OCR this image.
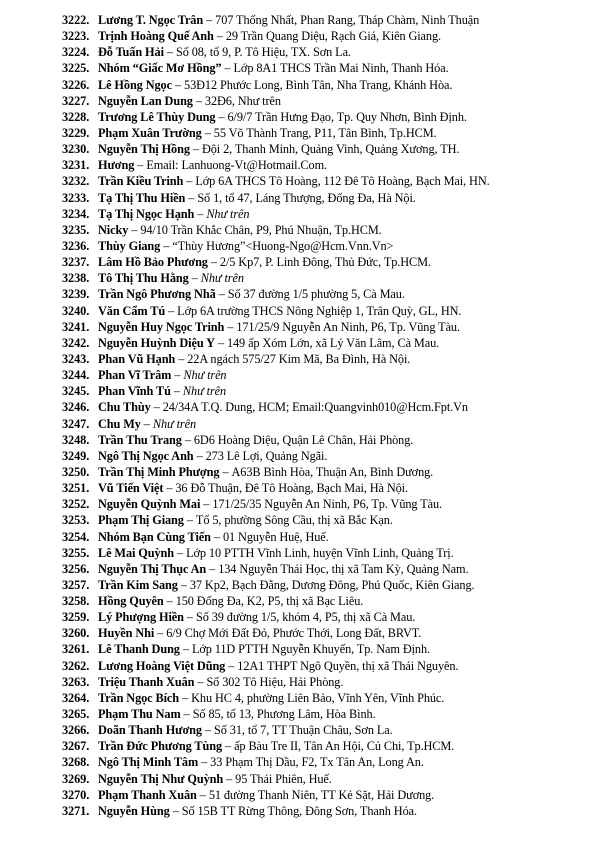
3222. Lương T. Ngọc Trân – 707 Thống Nhất, Phan Rang, Tháp Chàm, Ninh Thuận
3223. Trịnh Hoàng Quế Anh – 29 Trần Quang Diệu, Rạch Giá, Kiên Giang.
3224. Đỗ Tuấn Hải – Số 08, tổ 9, P. Tô Hiệu, TX. Sơn La.
3225. Nhóm “Giấc Mơ Hồng” – Lớp 8A1 THCS Trần Mai Ninh, Thanh Hóa.
3226. Lê Hồng Ngọc – 53Đ12 Phước Long, Bình Tân, Nha Trang, Khánh Hòa.
3227. Nguyễn Lan Dung – 32Đ6, Như trên
3228. Trương Lê Thùy Dung – 6/9/7 Trần Hưng Đạo, Tp. Quy Nhơn, Bình Định.
3229. Phạm Xuân Trường – 55 Võ Thành Trang, P11, Tân Bình, Tp.HCM.
3230. Nguyễn Thị Hồng – Đội 2, Thanh Minh, Quảng Vinh, Quảng Xương, TH.
3231. Hương – Email: Lanhuong-Vt@Hotmail.Com.
3232. Trần Kiều Trinh – Lớp 6A THCS Tô Hoàng, 112 Đê Tô Hoàng, Bạch Mai, HN.
3233. Tạ Thị Thu Hiền – Số 1, tổ 47, Láng Thượng, Đống Đa, Hà Nội.
3234. Tạ Thị Ngọc Hạnh – Như trên
3235. Nicky – 94/10 Trần Khắc Chân, P9, Phú Nhuận, Tp.HCM.
3236. Thùy Giang – “Thùy Hương”<Huong-Ngo@Hcm.Vnn.Vn>
3237. Lâm Hồ Bảo Phương – 2/5 Kp7, P. Linh Đông, Thủ Đức, Tp.HCM.
3238. Tô Thị Thu Hằng – Như trên
3239. Trần Ngô Phương Nhã – Số 37 đường 1/5 phường 5, Cà Mau.
3240. Văn Cẩm Tú – Lớp 6A trường THCS Nông Nghiệp 1, Trân Quỳ, GL, HN.
3241. Nguyễn Huy Ngọc Trinh – 171/25/9 Nguyễn An Ninh, P6, Tp. Vũng Tàu.
3242. Nguyễn Huỳnh Diệu Y – 149 ấp Xóm Lớn, xã Lý Văn Lâm, Cà Mau.
3243. Phan Vũ Hạnh – 22A ngách 575/27 Kim Mã, Ba Đình, Hà Nội.
3244. Phan Vĩ Trâm – Như trên
3245. Phan Vĩnh Tú – Như trên
3246. Chu Thùy – 24/34A T.Q. Dung, HCM; Email:Quangvinh010@Hcm.Fpt.Vn
3247. Chu My – Như trên
3248. Trần Thu Trang – 6D6 Hoàng Diệu, Quận Lê Chân, Hải Phòng.
3249. Ngô Thị Ngọc Anh – 273 Lê Lợi, Quảng Ngãi.
3250. Trần Thị Minh Phượng – A63B Bình Hòa, Thuận An, Bình Dương.
3251. Vũ Tiến Việt – 36 Đỗ Thuận, Đê Tô Hoàng, Bạch Mai, Hà Nội.
3252. Nguyễn Quỳnh Mai – 171/25/35 Nguyễn An Ninh, P6, Tp. Vũng Tàu.
3253. Phạm Thị Giang – Tổ 5, phường Sông Cầu, thị xã Bắc Kạn.
3254. Nhóm Bạn Cùng Tiến – 01 Nguyễn Huệ, Huế.
3255. Lê Mai Quỳnh – Lớp 10 PTTH Vĩnh Linh, huyện Vĩnh Linh, Quảng Trị.
3256. Nguyễn Thị Thục An – 134 Nguyễn Thái Học, thị xã Tam Kỳ, Quảng Nam.
3257. Trần Kim Sang – 37 Kp2, Bạch Đằng, Dương Đông, Phú Quốc, Kiên Giang.
3258. Hồng Quyên – 150 Đống Đa, K2, P5, thị xã Bạc Liêu.
3259. Lý Phượng Hiền – Số 39 đường 1/5, khóm 4, P5, thị xã Cà Mau.
3260. Huyền Nhi – 6/9 Chợ Mới Đất Đỏ, Phước Thới, Long Đất, BRVT.
3261. Lê Thanh Dung – Lớp 11D PTTH Nguyễn Khuyến, Tp. Nam Định.
3262. Lương Hoàng Việt Dũng – 12A1 THPT Ngô Quyền, thị xã Thái Nguyên.
3263. Triệu Thanh Xuân – Số 302 Tô Hiệu, Hải Phòng.
3264. Trần Ngọc Bích – Khu HC 4, phường Liên Bảo, Vĩnh Yên, Vĩnh Phúc.
3265. Phạm Thu Nam – Số 85, tổ 13, Phương Lâm, Hòa Bình.
3266. Doãn Thanh Hương – Số 31, tổ 7, TT Thuận Châu, Sơn La.
3267. Trần Đức Phương Tùng – ấp Bàu Tre II, Tân An Hội, Củ Chi, Tp.HCM.
3268. Ngô Thị Minh Tâm – 33 Phạm Thị Dầu, F2, Tx Tân An, Long An.
3269. Nguyễn Thị Như Quỳnh – 95 Thái Phiên, Huế.
3270. Phạm Thanh Xuân – 51 đường Thanh Niên, TT Kẻ Sặt, Hải Dương.
3271. Nguyễn Hùng – Số 15B TT Rừng Thông, Đông Sơn, Thanh Hóa.
